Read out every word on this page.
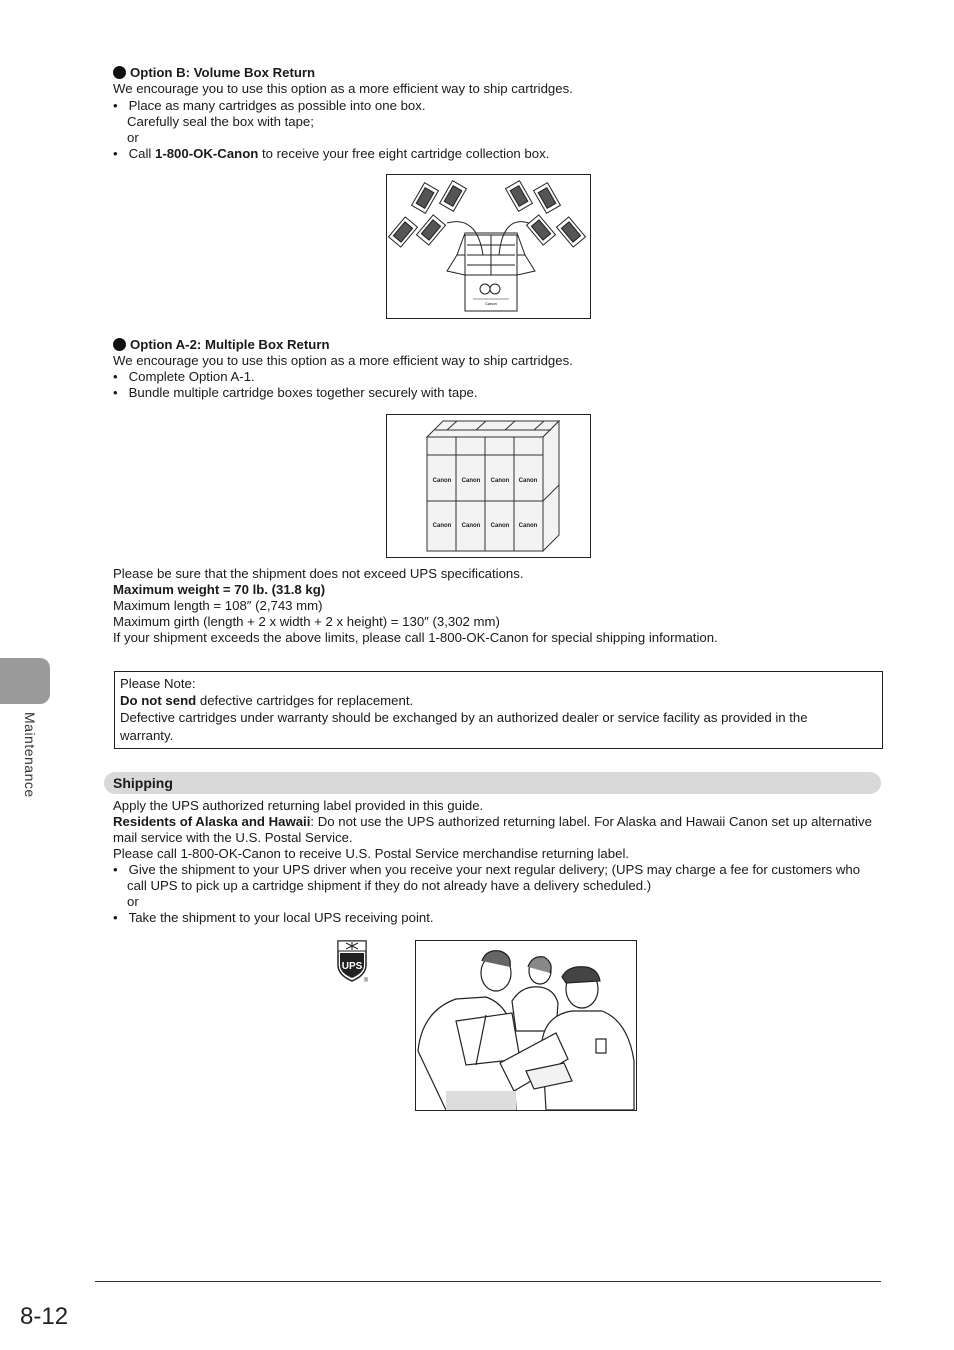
Maintenance
Option B: Volume Box Return
We encourage you to use this option as a more efficient way to ship cartridges.
•   Place as many cartridges as possible into one box.
Carefully seal the box with tape;
or
•   Call 1-800-OK-Canon to receive your free eight cartridge collection box.
Canon
Option A-2: Multiple Box Return
We encourage you to use this option as a more efficient way to ship cartridges.
•   Complete Option A-1.
•   Bundle multiple cartridge boxes together securely with tape.
Canon Canon Canon Canon
Canon Canon Canon Canon
Please be sure that the shipment does not exceed UPS specifications.
Maximum weight = 70 lb. (31.8 kg)
Maximum length = 108″ (2,743 mm)
Maximum girth (length + 2 x width + 2 x height) = 130″ (3,302 mm)
If your shipment exceeds the above limits, please call 1-800-OK-Canon for special shipping information.
Please Note:
Do not send defective cartridges for replacement.
Defective cartridges under warranty should be exchanged by an authorized dealer or service facility as provided in the
warranty.
Shipping
Apply the UPS authorized returning label provided in this guide.
Residents of Alaska and Hawaii: Do not use the UPS authorized returning label. For Alaska and Hawaii Canon set up alternative
mail service with the U.S. Postal Service.
Please call 1-800-OK-Canon to receive U.S. Postal Service merchandise returning label.
•   Give the shipment to your UPS driver when you receive your next regular delivery; (UPS may charge a fee for customers who
call UPS to pick up a cartridge shipment if they do not already have a delivery scheduled.)
or
•   Take the shipment to your local UPS receiving point.
UPS
®
8-12
